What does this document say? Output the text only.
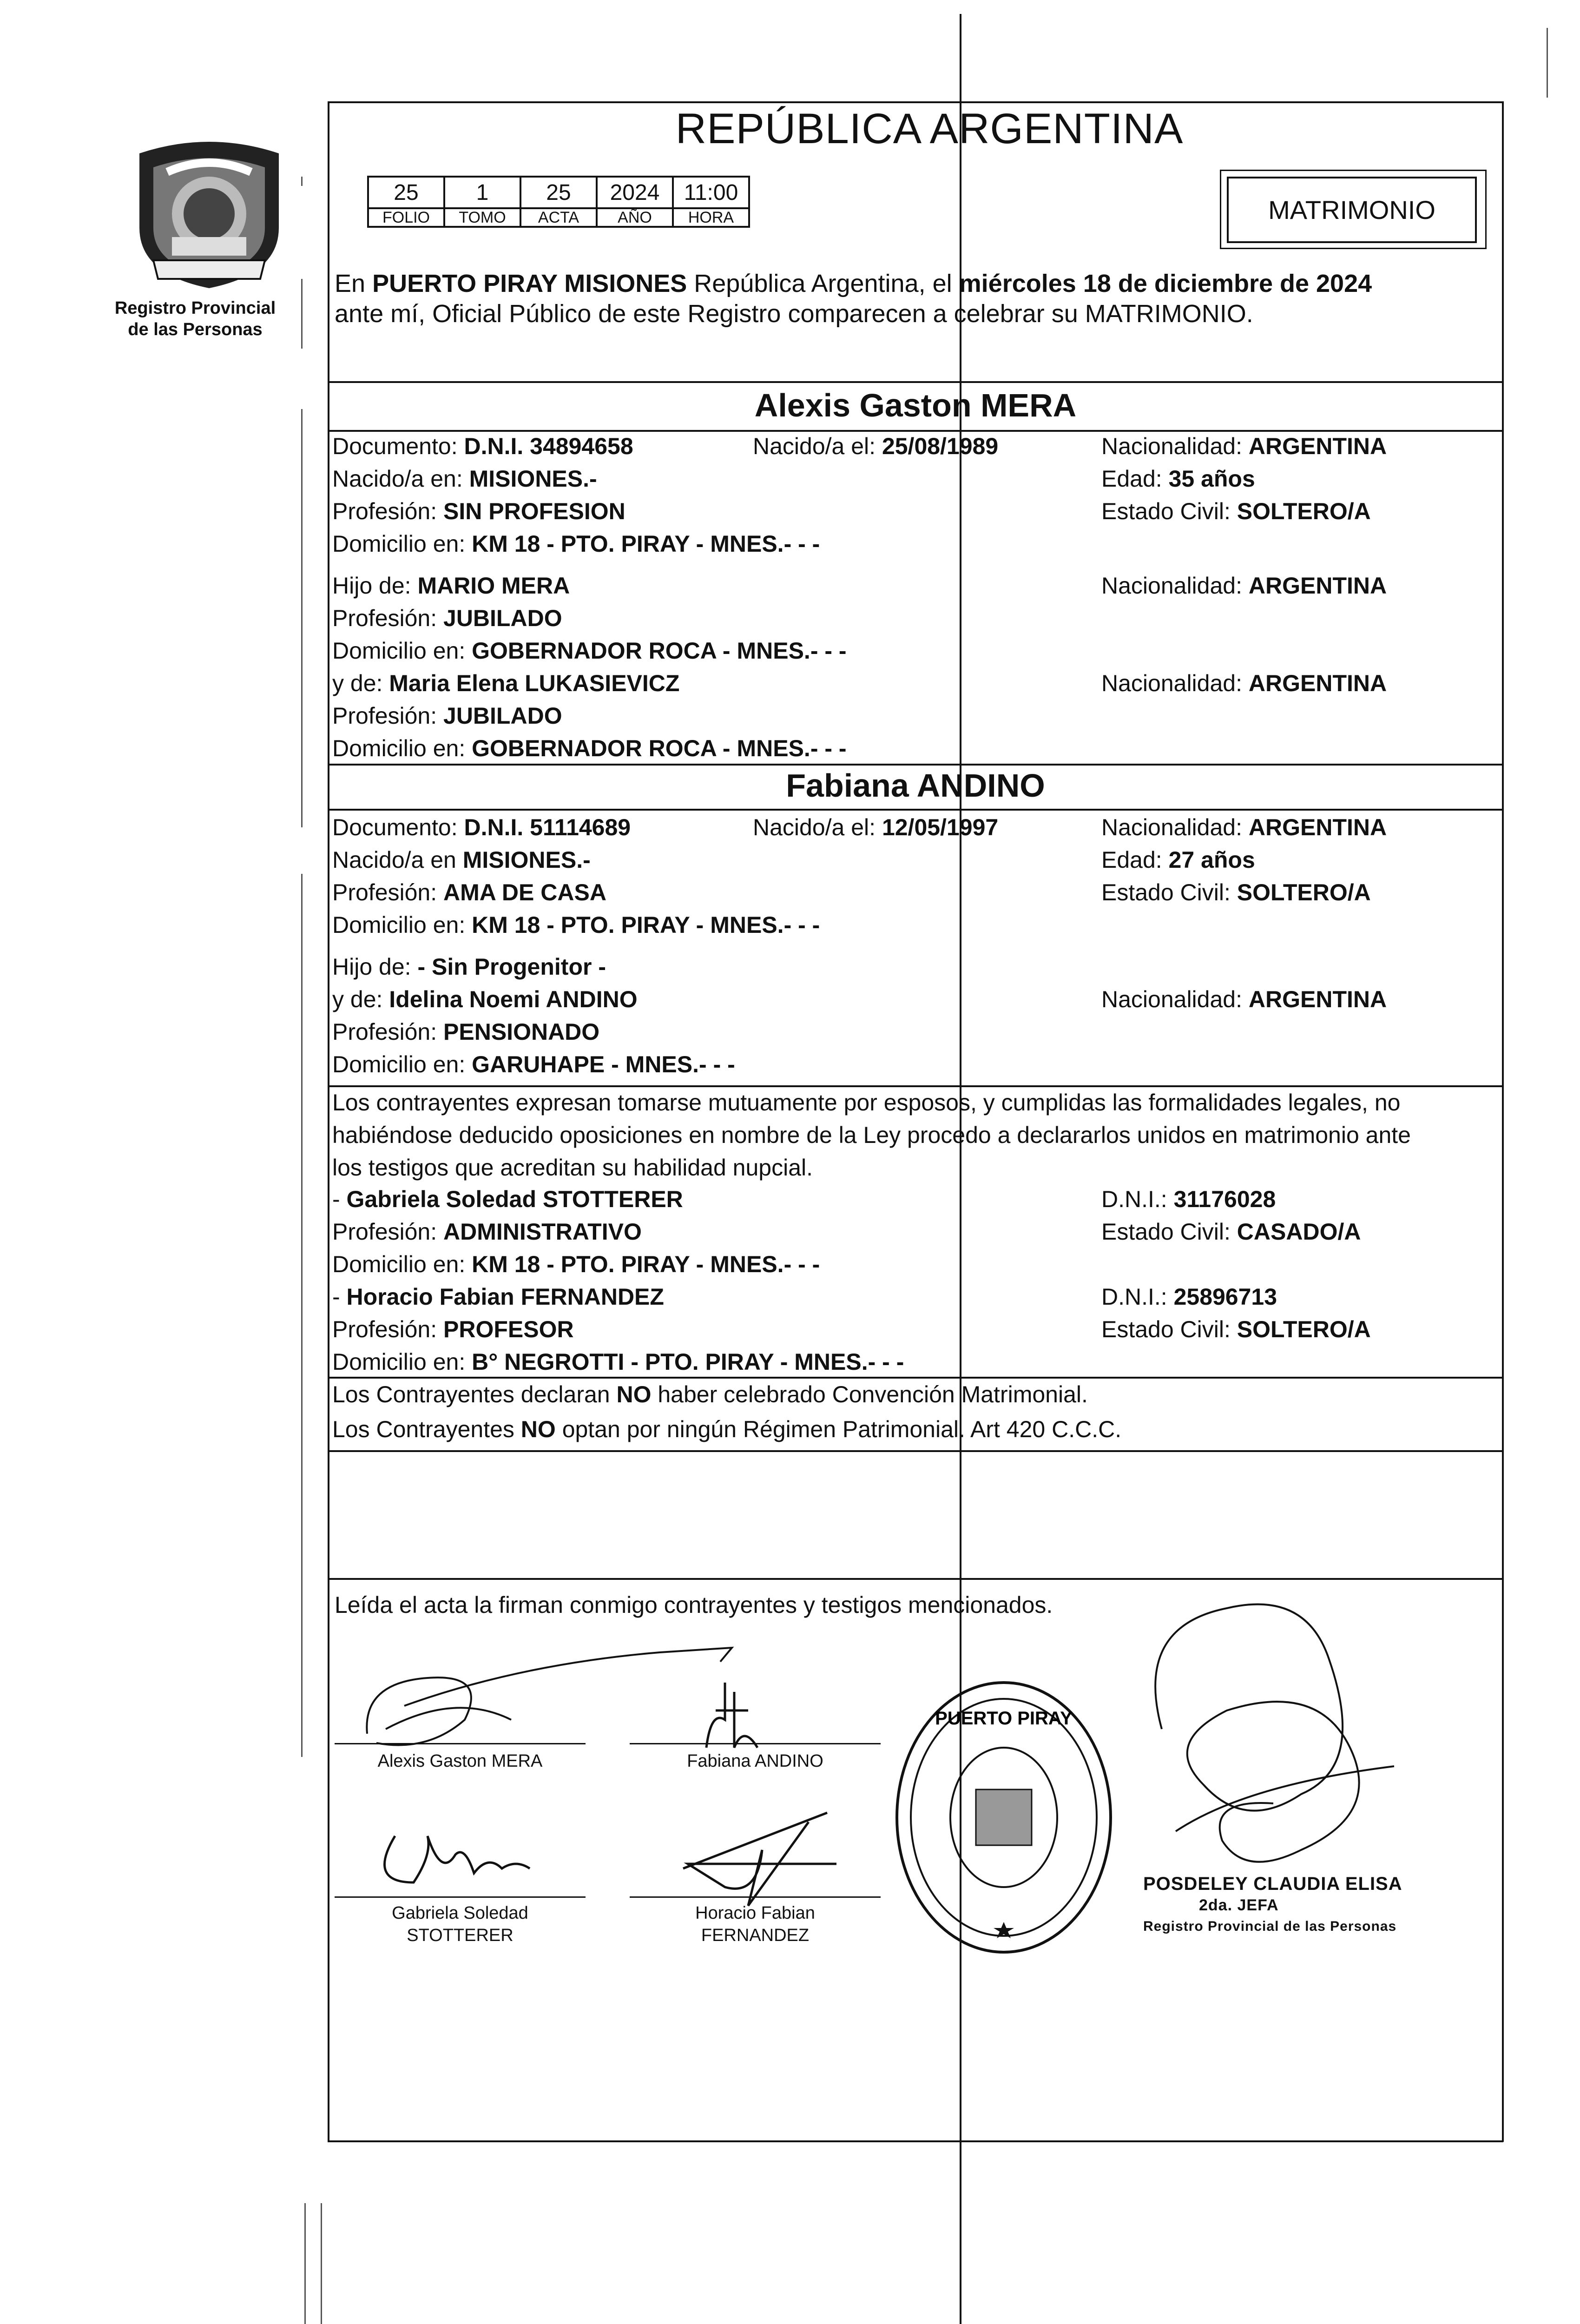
Registro Provincial
de las Personas
REPÚBLICA ARGENTINA
25	1	25	2024	11:00
FOLIO	TOMO	ACTA	AÑO	HORA	MATRIMONIO
En PUERTO PIRAY MISIONES República Argentina, el miércoles 18 de diciembre de 2024
ante mí, Oficial Público de este Registro comparecen a celebrar su MATRIMONIO.
Alexis Gaston MERA
Documento: D.N.I. 34894658	Nacido/a el: 25/08/1989	Nacionalidad: ARGENTINA
Nacido/a en: MISIONES.-	Edad: 35 años
Profesión: SIN PROFESION	Estado Civil: SOLTERO/A
Domicilio en: KM 18 - PTO. PIRAY - MNES.- - -
Hijo de: MARIO MERA	Nacionalidad: ARGENTINA
Profesión: JUBILADO
Domicilio en: GOBERNADOR ROCA - MNES.- - -
y de: Maria Elena LUKASIEVICZ	Nacionalidad: ARGENTINA
Profesión: JUBILADO
Domicilio en: GOBERNADOR ROCA - MNES.- - -
Fabiana ANDINO
Documento: D.N.I. 51114689	Nacido/a el: 12/05/1997	Nacionalidad: ARGENTINA
Nacido/a en MISIONES.-	Edad: 27 años
Profesión: AMA DE CASA	Estado Civil: SOLTERO/A
Domicilio en: KM 18 - PTO. PIRAY - MNES.- - -
Hijo de: - Sin Progenitor -
y de: Idelina Noemi ANDINO	Nacionalidad: ARGENTINA
Profesión: PENSIONADO
Domicilio en: GARUHAPE - MNES.- - -
Los contrayentes expresan tomarse mutuamente por esposos, y cumplidas las formalidades legales, no
habiéndose deducido oposiciones en nombre de la Ley procedo a declararlos unidos en matrimonio ante
los testigos que acreditan su habilidad nupcial.
- Gabriela Soledad STOTTERER	D.N.I.: 31176028
Profesión: ADMINISTRATIVO	Estado Civil: CASADO/A
Domicilio en: KM 18 - PTO. PIRAY - MNES.- - -
- Horacio Fabian FERNANDEZ	D.N.I.: 25896713
Profesión: PROFESOR	Estado Civil: SOLTERO/A
Domicilio en: B° NEGROTTI - PTO. PIRAY - MNES.- - -
Los Contrayentes declaran NO haber celebrado Convención Matrimonial.
Los Contrayentes NO optan por ningún Régimen Patrimonial. Art 420 C.C.C.
Leída el acta la firman conmigo contrayentes y testigos mencionados.
Alexis Gaston MERA	Fabiana ANDINO
Gabriela Soledad
STOTTERER
Horacio Fabian
FERNANDEZ
PUERTO PIRAY
POSDELEY CLAUDIA ELISA
2da. JEFA
Registro Provincial de las Personas
